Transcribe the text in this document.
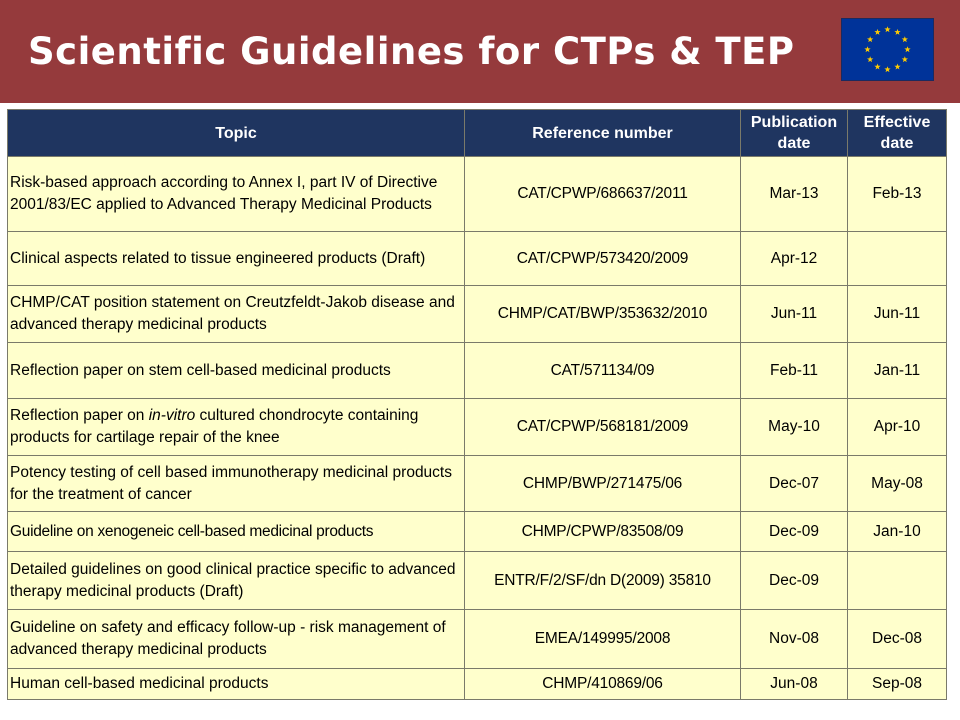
Scientific Guidelines for CTPs & TEP
Topic	Reference number	Publication date	Effective date
Risk-based approach according to Annex I, part IV of Directive 2001/83/EC applied to Advanced Therapy Medicinal Products	CAT/CPWP/686637/2011	Mar-13	Feb-13
Clinical aspects related to tissue engineered products (Draft)	CAT/CPWP/573420/2009	Apr-12	
CHMP/CAT position statement on Creutzfeldt-Jakob disease and advanced therapy medicinal products	CHMP/CAT/BWP/353632/2010	Jun-11	Jun-11
Reflection paper on stem cell-based medicinal products	CAT/571134/09	Feb-11	Jan-11
Reflection paper on in-vitro cultured chondrocyte containing products for cartilage repair of the knee	CAT/CPWP/568181/2009	May-10	Apr-10
Potency testing of cell based immunotherapy medicinal products for the treatment of cancer	CHMP/BWP/271475/06	Dec-07	May-08
Guideline on xenogeneic cell-based medicinal products	CHMP/CPWP/83508/09	Dec-09	Jan-10
Detailed guidelines on good clinical practice specific to advanced therapy medicinal products (Draft)	ENTR/F/2/SF/dn D(2009) 35810	Dec-09	
Guideline on safety and efficacy follow-up - risk management of advanced therapy medicinal products	EMEA/149995/2008	Nov-08	Dec-08
Human cell-based medicinal products	CHMP/410869/06	Jun-08	Sep-08
